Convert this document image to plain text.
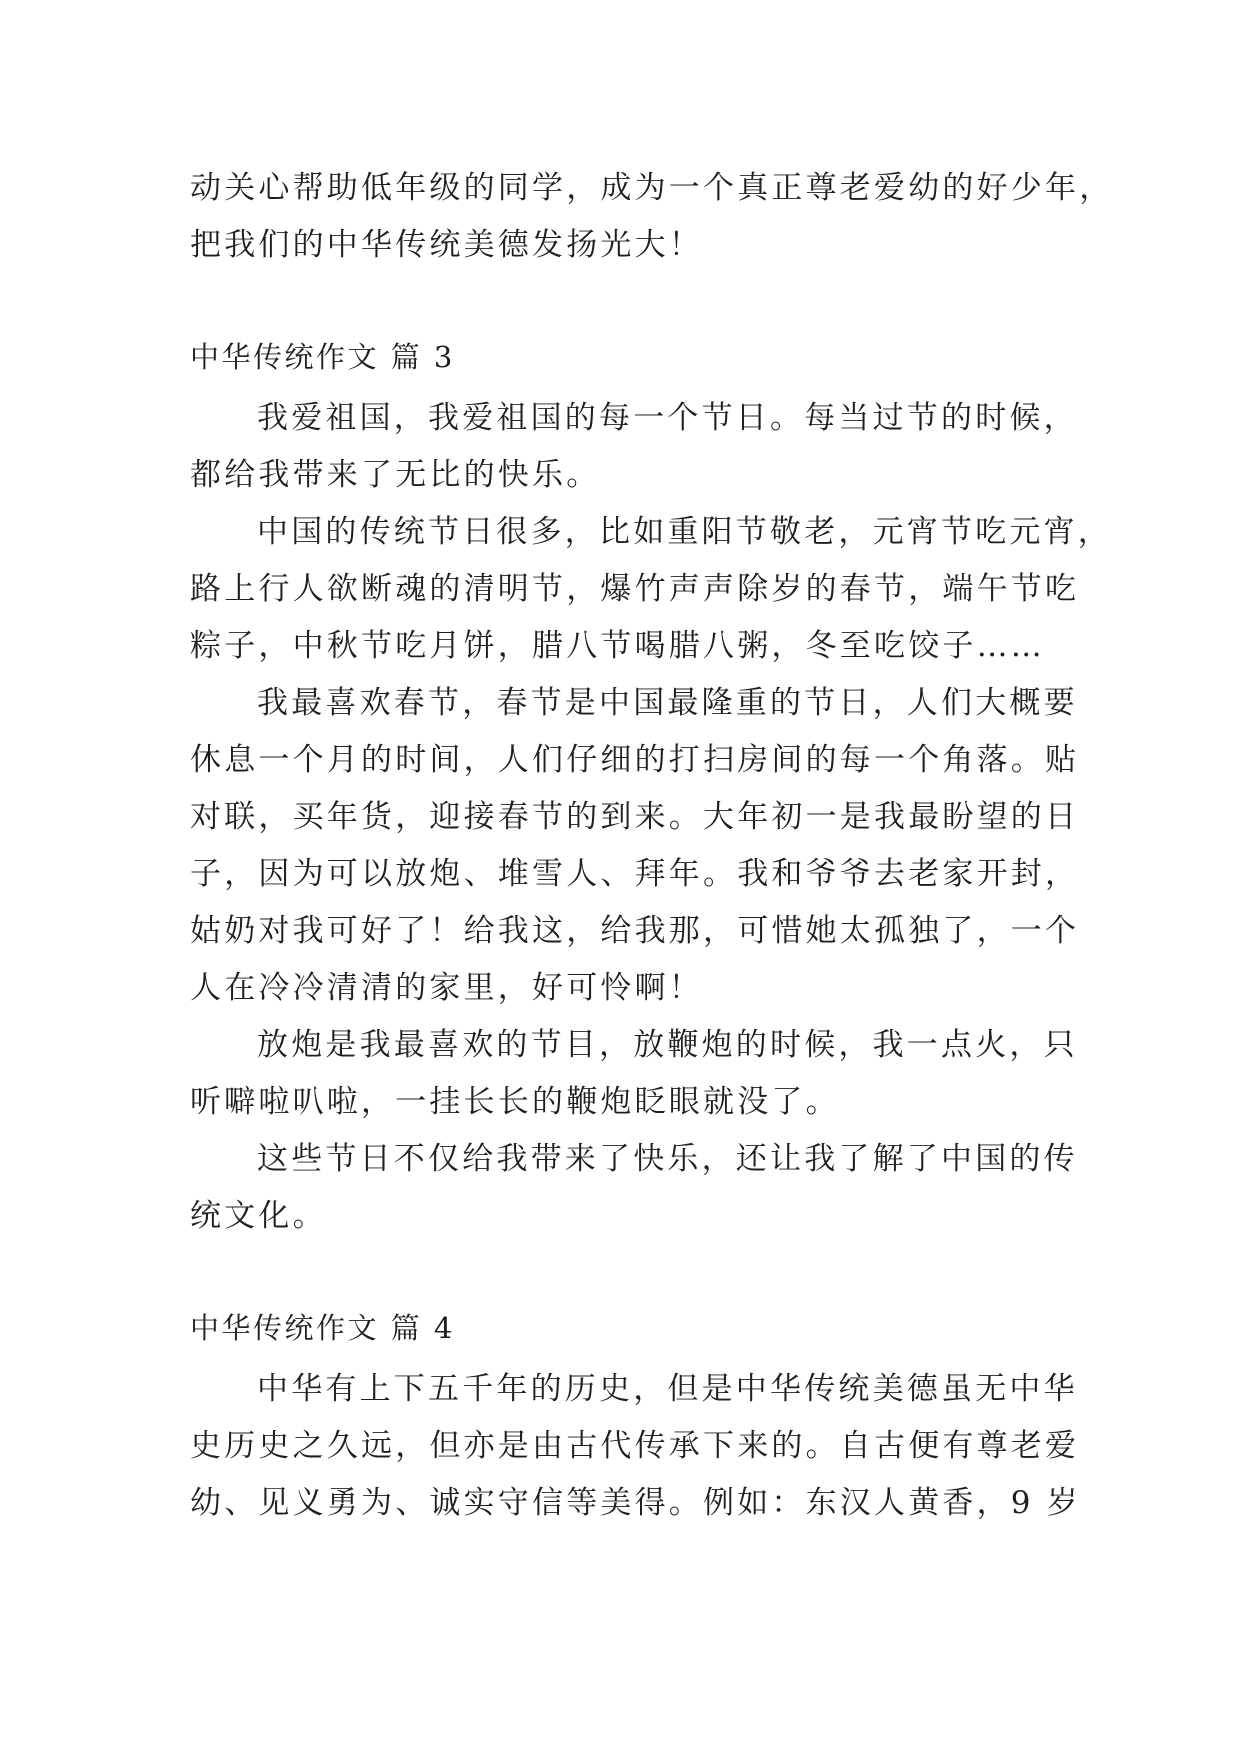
动关心帮助低年级的同学，成为一个真正尊老爱幼的好少年，
把我们的中华传统美德发扬光大！
中华传统作文 篇 3
我爱祖国，我爱祖国的每一个节日。每当过节的时候，
都给我带来了无比的快乐。
中国的传统节日很多，比如重阳节敬老，元宵节吃元宵，
路上行人欲断魂的清明节，爆竹声声除岁的春节，端午节吃
粽子，中秋节吃月饼，腊八节喝腊八粥，冬至吃饺子……
我最喜欢春节，春节是中国最隆重的节日，人们大概要
休息一个月的时间，人们仔细的打扫房间的每一个角落。贴
对联，买年货，迎接春节的到来。大年初一是我最盼望的日
子，因为可以放炮、堆雪人、拜年。我和爷爷去老家开封，
姑奶对我可好了！给我这，给我那，可惜她太孤独了，一个
人在冷冷清清的家里，好可怜啊！
放炮是我最喜欢的节目，放鞭炮的时候，我一点火，只
听噼啦叭啦，一挂长长的鞭炮眨眼就没了。
这些节日不仅给我带来了快乐，还让我了解了中国的传
统文化。
中华传统作文 篇 4
中华有上下五千年的历史，但是中华传统美德虽无中华
史历史之久远，但亦是由古代传承下来的。自古便有尊老爱
幼、见义勇为、诚实守信等美得。例如：东汉人黄香，9 岁
